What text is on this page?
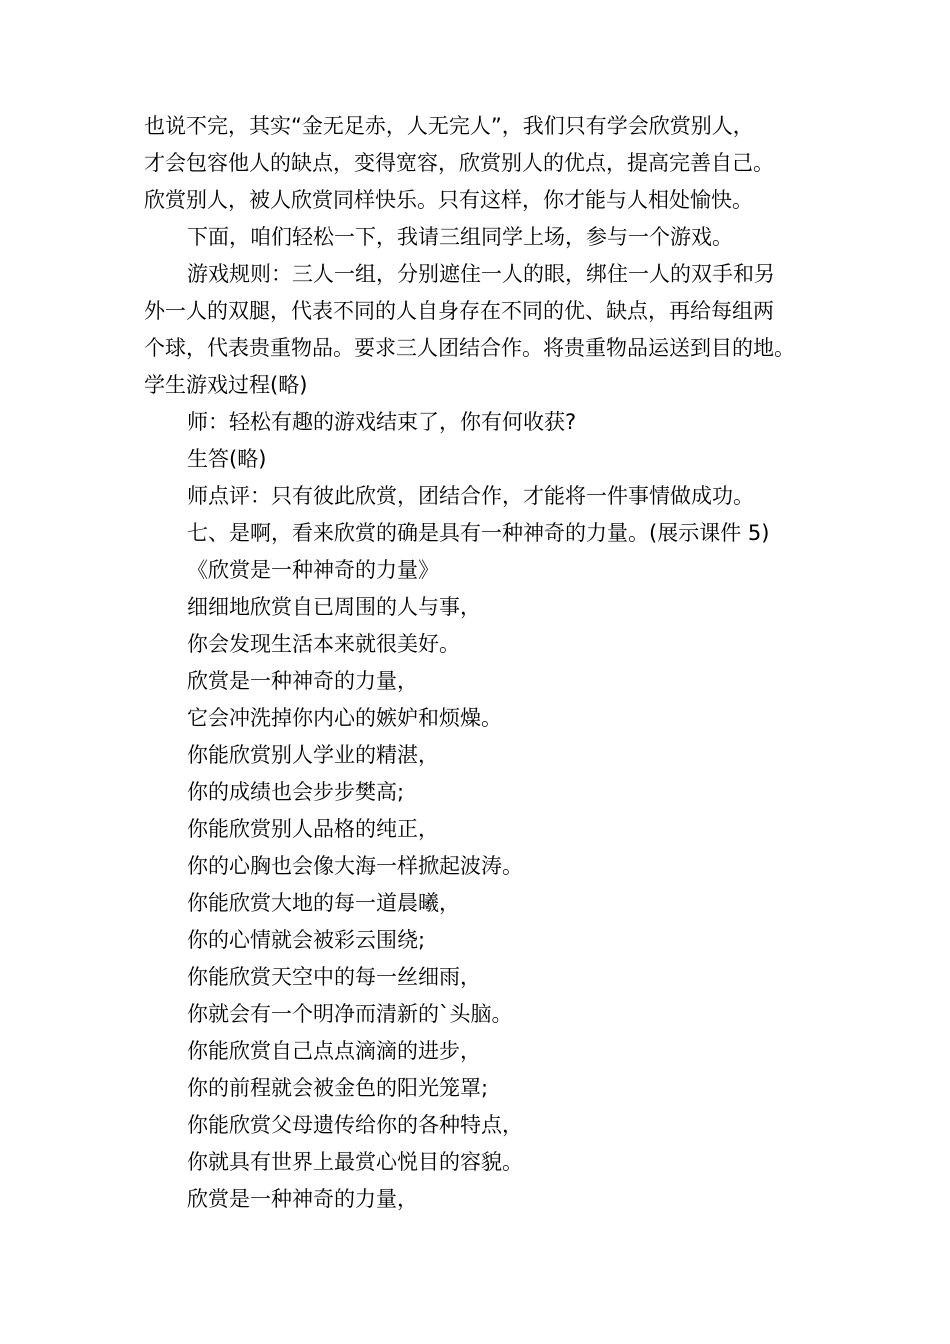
也说不完，其实“金无足赤，人无完人”，我们只有学会欣赏别人，
才会包容他人的缺点，变得宽容，欣赏别人的优点，提高完善自己。
欣赏别人，被人欣赏同样快乐。只有这样，你才能与人相处愉快。
下面，咱们轻松一下，我请三组同学上场，参与一个游戏。
游戏规则：三人一组，分别遮住一人的眼，绑住一人的双手和另
外一人的双腿，代表不同的人自身存在不同的优、缺点，再给每组两
个球，代表贵重物品。要求三人团结合作。将贵重物品运送到目的地。
学生游戏过程(略)
师：轻松有趣的游戏结束了，你有何收获?
生答(略)
师点评：只有彼此欣赏，团结合作，才能将一件事情做成功。
七、是啊，看来欣赏的确是具有一种神奇的力量。(展示课件 5)
《欣赏是一种神奇的力量》
细细地欣赏自已周围的人与事，
你会发现生活本来就很美好。
欣赏是一种神奇的力量，
它会冲洗掉你内心的嫉妒和烦燥。
你能欣赏别人学业的精湛，
你的成绩也会步步樊高;
你能欣赏别人品格的纯正，
你的心胸也会像大海一样掀起波涛。
你能欣赏大地的每一道晨曦，
你的心情就会被彩云围绕;
你能欣赏天空中的每一丝细雨，
你就会有一个明净而清新的`头脑。
你能欣赏自己点点滴滴的进步，
你的前程就会被金色的阳光笼罩;
你能欣赏父母遗传给你的各种特点，
你就具有世界上最赏心悦目的容貌。
欣赏是一种神奇的力量，
